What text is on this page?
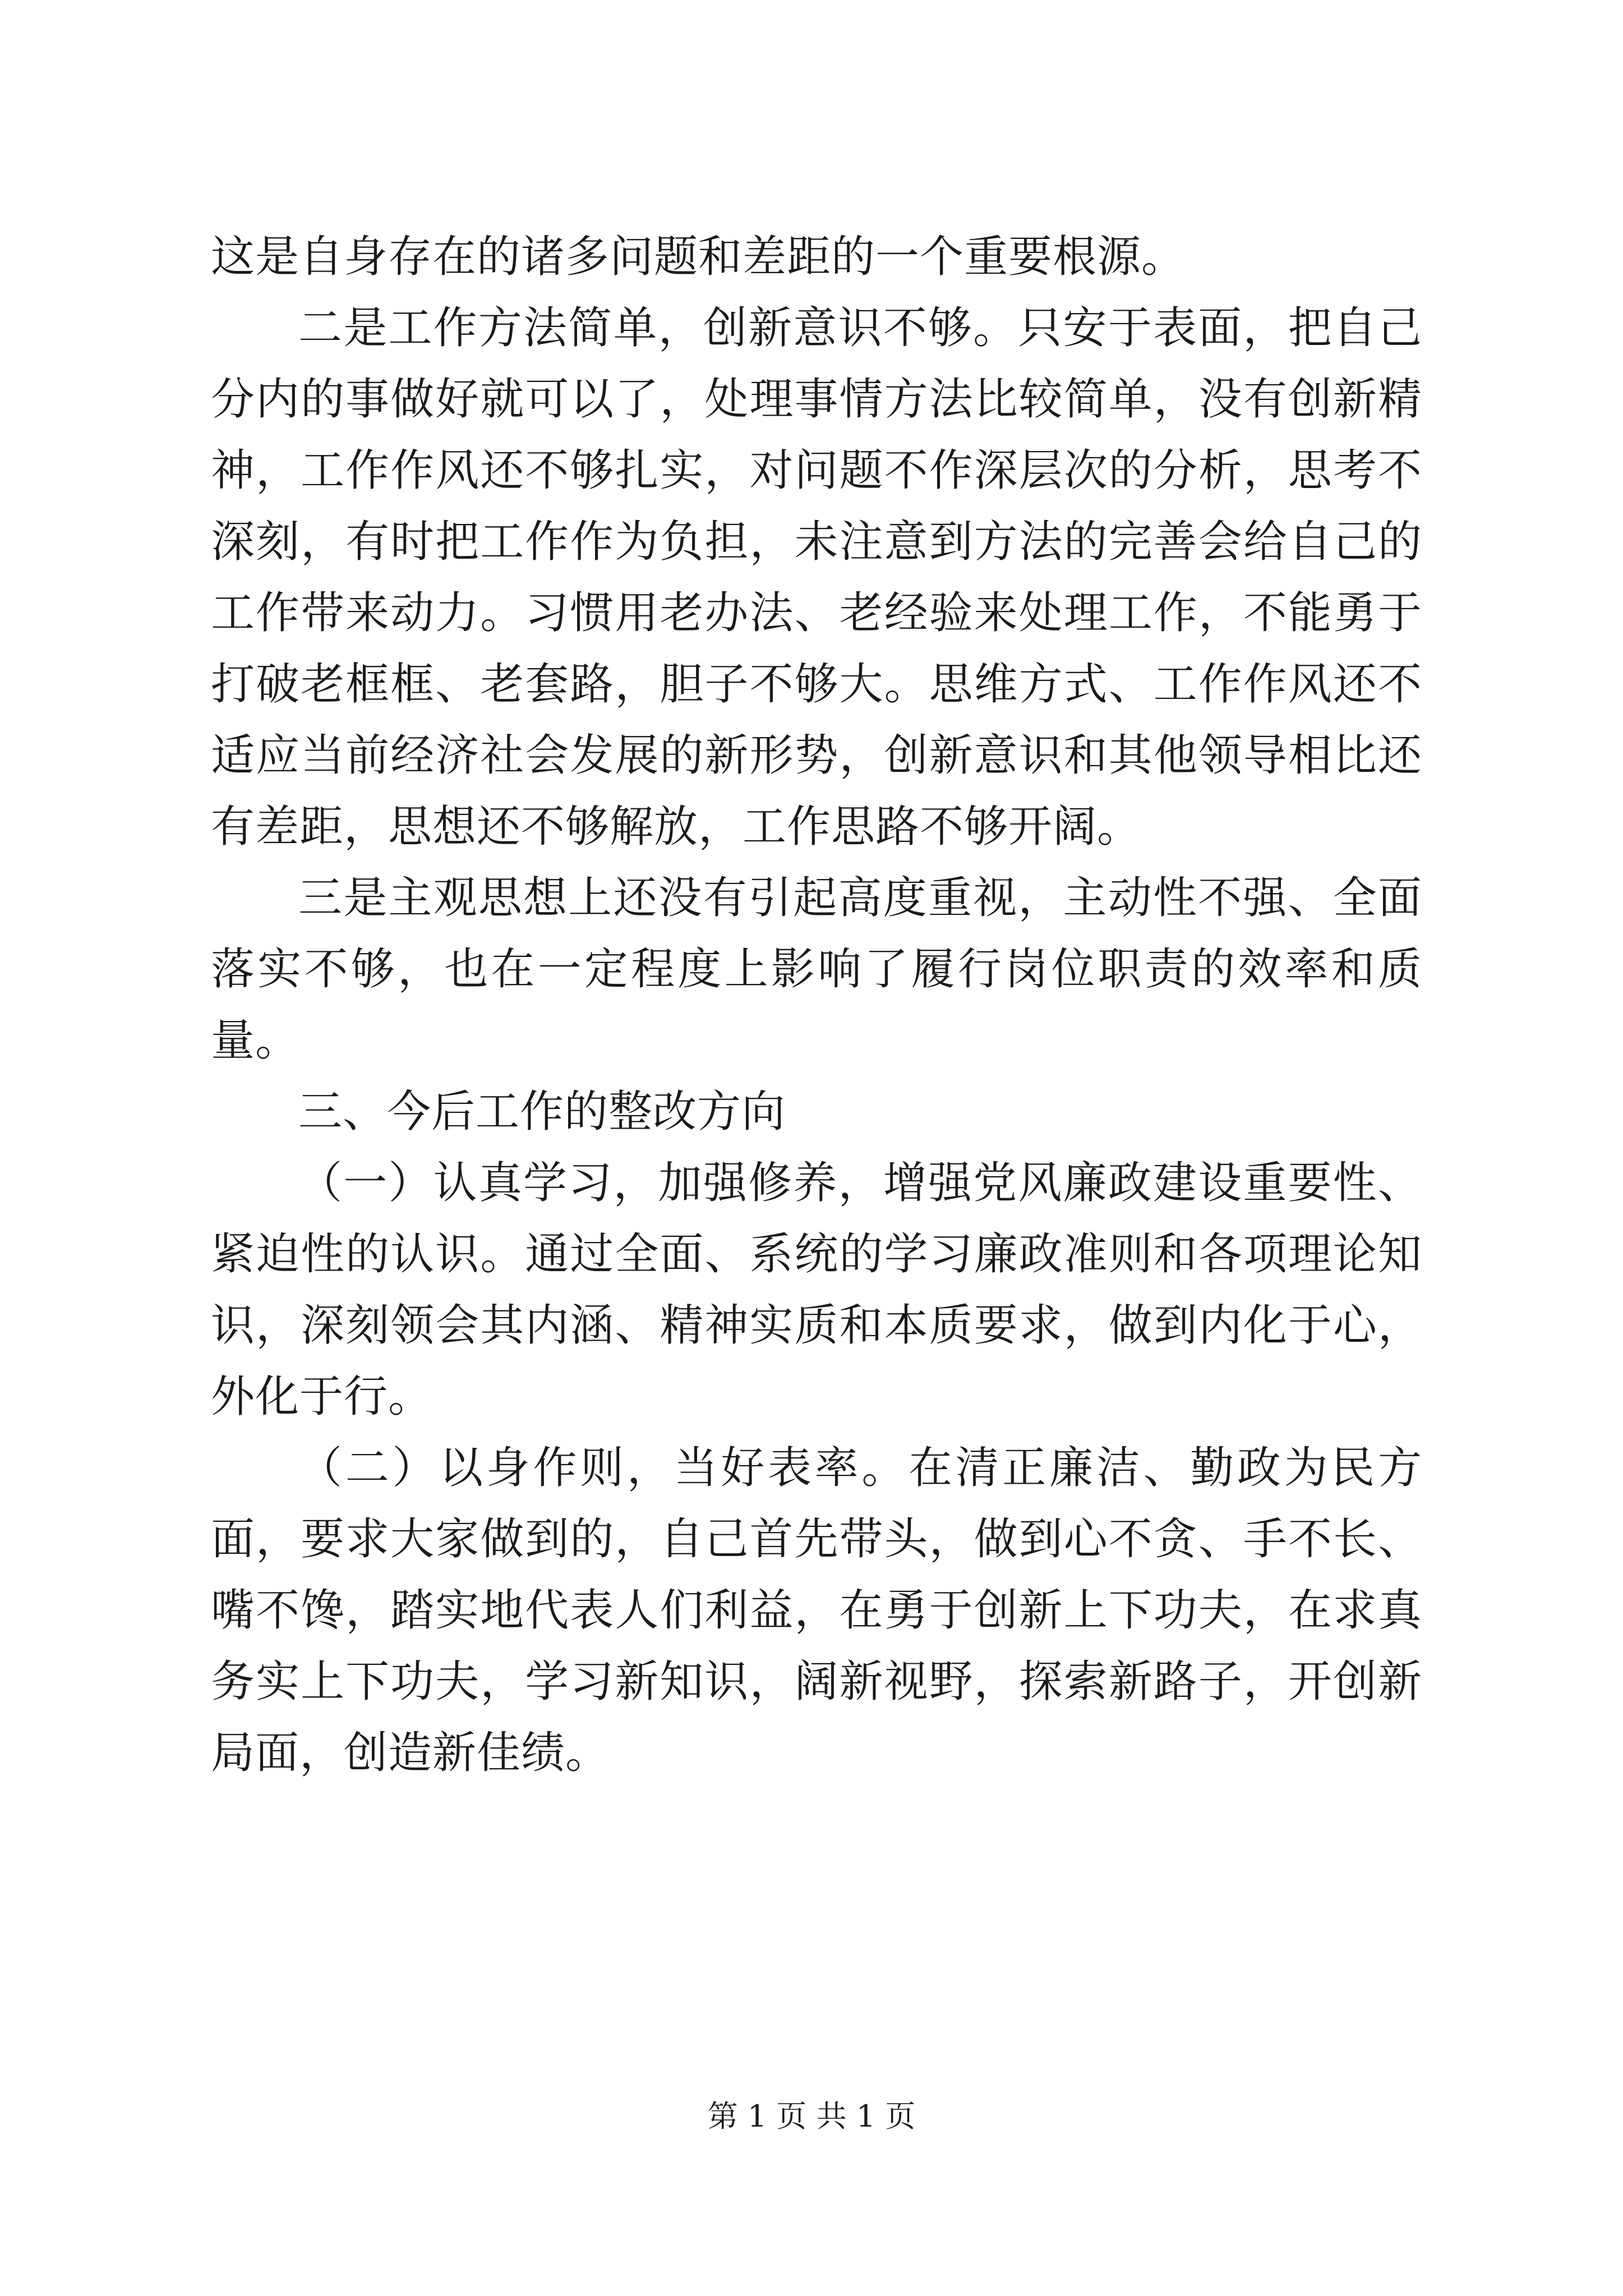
这是自身存在的诸多问题和差距的一个重要根源。

二是工作方法简单，创新意识不够。只安于表面，把自己分内的事做好就可以了，处理事情方法比较简单，没有创新精神，工作作风还不够扎实，对问题不作深层次的分析，思考不深刻，有时把工作作为负担，未注意到方法的完善会给自己的工作带来动力。习惯用老办法、老经验来处理工作，不能勇于打破老框框、老套路，胆子不够大。思维方式、工作作风还不适应当前经济社会发展的新形势，创新意识和其他领导相比还有差距，思想还不够解放，工作思路不够开阔。

三是主观思想上还没有引起高度重视，主动性不强、全面落实不够，也在一定程度上影响了履行岗位职责的效率和质量。

三、今后工作的整改方向

（一）认真学习，加强修养，增强党风廉政建设重要性、紧迫性的认识。通过全面、系统的学习廉政准则和各项理论知识，深刻领会其内涵、精神实质和本质要求，做到内化于心，外化于行。

（二）以身作则，当好表率。在清正廉洁、勤政为民方面，要求大家做到的，自己首先带头，做到心不贪、手不长、嘴不馋，踏实地代表人们利益，在勇于创新上下功夫，在求真务实上下功夫，学习新知识，阔新视野，探索新路子，开创新局面，创造新佳绩。

第 1 页 共 1 页
